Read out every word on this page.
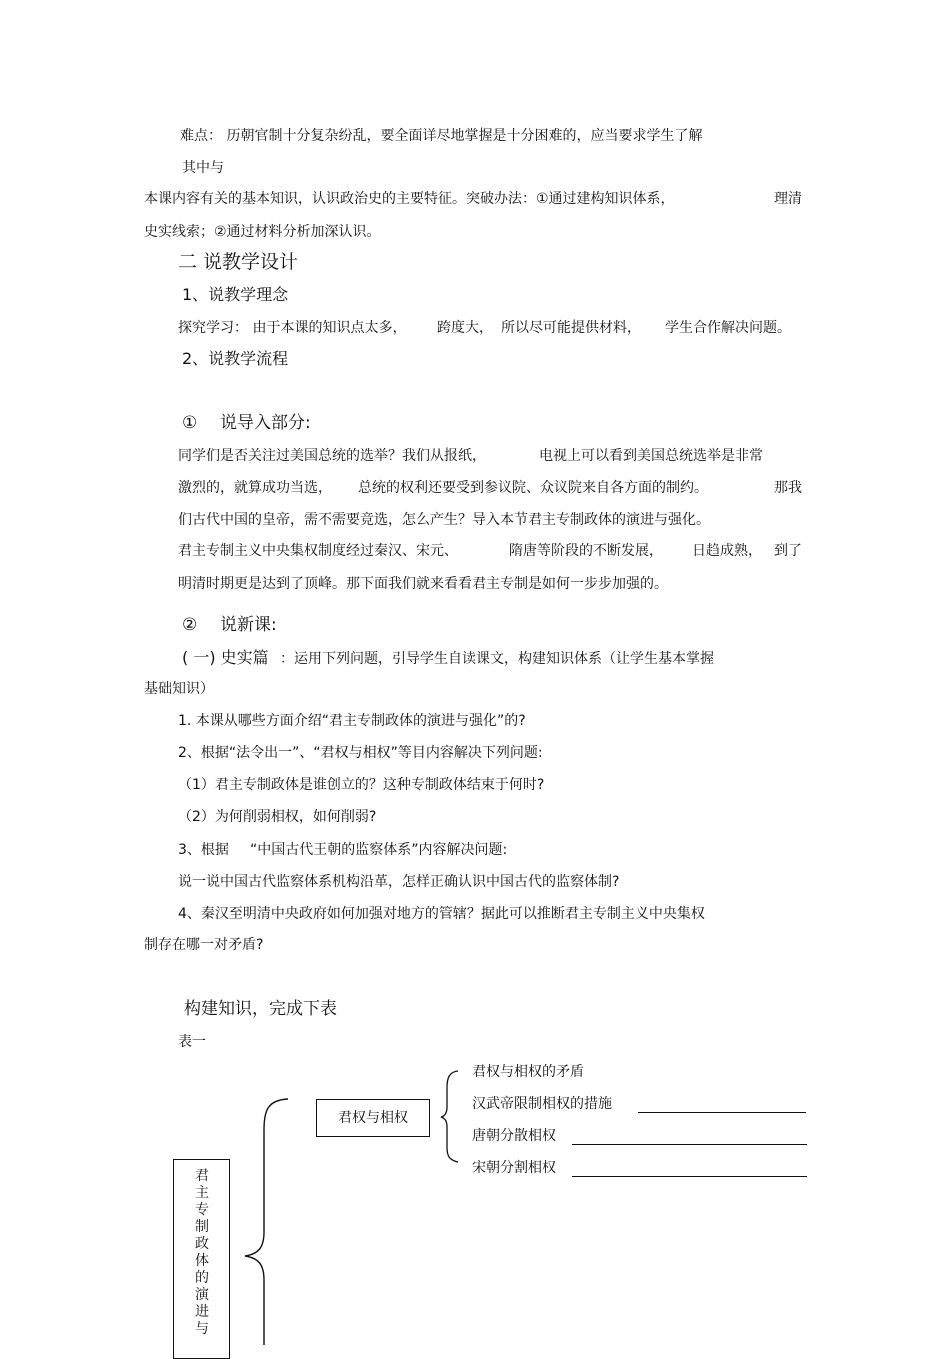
难点： 历朝官制十分复杂纷乱，要全面详尽地掌握是十分困难的，应当要求学生了解
其中与
本课内容有关的基本知识，认识政治史的主要特征。突破办法：①通过建构知识体系，	理清
史实线索；②通过材料分析加深认识。
二 说教学设计
1、说教学理念
探究学习： 由于本课的知识点太多， 跨度大， 所以尽可能提供材料， 学生合作解决问题。
2、说教学流程
① 说导入部分:
同学们是否关注过美国总统的选举？我们从报纸，	电视上可以看到美国总统选举是非常
激烈的，就算成功当选， 总统的权利还要受到参议院、众议院来自各方面的制约。	那我
们古代中国的皇帝，需不需要竞选，怎么产生？导入本节君主专制政体的演进与强化。
君主专制主义中央集权制度经过秦汉、宋元、	隋唐等阶段的不断发展， 日趋成熟， 到了
明清时期更是达到了顶峰。那下面我们就来看看君主专制是如何一步步加强的。
② 说新课:
( 一) 史实篇 ：运用下列问题，引导学生自读课文，构建知识体系（让学生基本掌握
基础知识）
1. 本课从哪些方面介绍“君主专制政体的演进与强化”的?
2、根据“法令出一”、“君权与相权”等目内容解决下列问题:
（1）君主专制政体是谁创立的？这种专制政体结束于何时?
（2）为何削弱相权，如何削弱?
3、根据 “中国古代王朝的监察体系”内容解决问题:
说一说中国古代监察体系机构沿革，怎样正确认识中国古代的监察体制?
4、秦汉至明清中央政府如何加强对地方的管辖？据此可以推断君主专制主义中央集权
制存在哪一对矛盾?
构建知识，完成下表
表一
君
主
专
制
政
体
的
演
进
与
君权与相权
君权与相权的矛盾
汉武帝限制相权的措施
唐朝分散相权
宋朝分割相权
